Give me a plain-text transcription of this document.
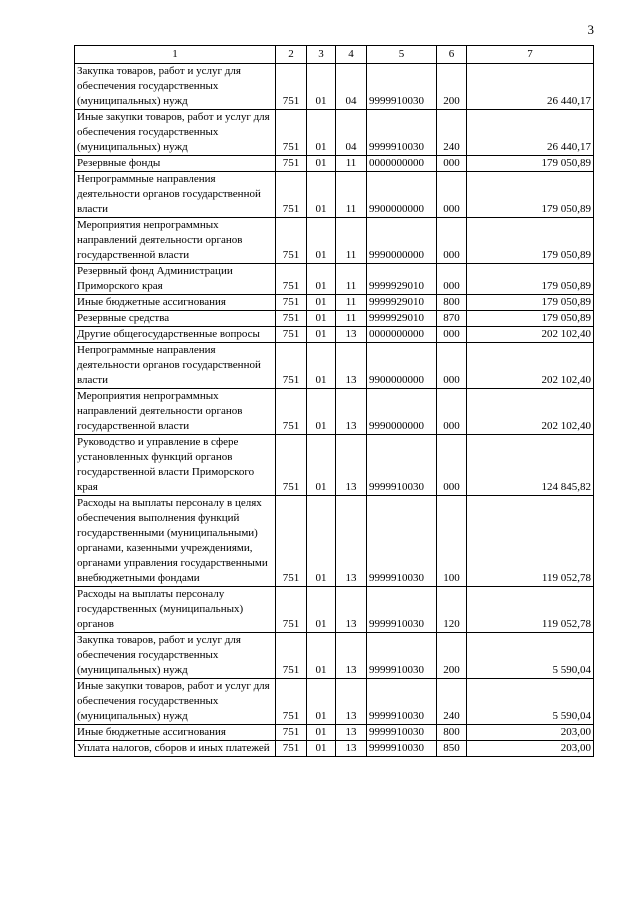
3
1	2	3	4	5	6	7
Закупка товаров, работ и услуг для обеспечения государственных (муниципальных) нужд	751	01	04	9999910030	200	26 440,17
Иные закупки товаров, работ и услуг для обеспечения государственных (муниципальных) нужд	751	01	04	9999910030	240	26 440,17
Резервные фонды	751	01	11	0000000000	000	179 050,89
Непрограммные направления деятельности органов государственной власти	751	01	11	9900000000	000	179 050,89
Мероприятия непрограммных направлений деятельности органов государственной власти	751	01	11	9990000000	000	179 050,89
Резервный фонд Администрации Приморского края	751	01	11	9999929010	000	179 050,89
Иные бюджетные ассигнования	751	01	11	9999929010	800	179 050,89
Резервные средства	751	01	11	9999929010	870	179 050,89
Другие общегосударственные вопросы	751	01	13	0000000000	000	202 102,40
Непрограммные направления деятельности органов государственной власти	751	01	13	9900000000	000	202 102,40
Мероприятия непрограммных направлений деятельности органов государственной власти	751	01	13	9990000000	000	202 102,40
Руководство и управление в сфере установленных функций органов государственной власти Приморского края	751	01	13	9999910030	000	124 845,82
Расходы на выплаты персоналу в целях обеспечения выполнения функций государственными (муниципальными) органами, казенными учреждениями, органами управления государственными внебюджетными фондами	751	01	13	9999910030	100	119 052,78
Расходы на выплаты персоналу государственных (муниципальных) органов	751	01	13	9999910030	120	119 052,78
Закупка товаров, работ и услуг для обеспечения государственных (муниципальных) нужд	751	01	13	9999910030	200	5 590,04
Иные закупки товаров, работ и услуг для обеспечения государственных (муниципальных) нужд	751	01	13	9999910030	240	5 590,04
Иные бюджетные ассигнования	751	01	13	9999910030	800	203,00
Уплата налогов, сборов и иных платежей	751	01	13	9999910030	850	203,00
